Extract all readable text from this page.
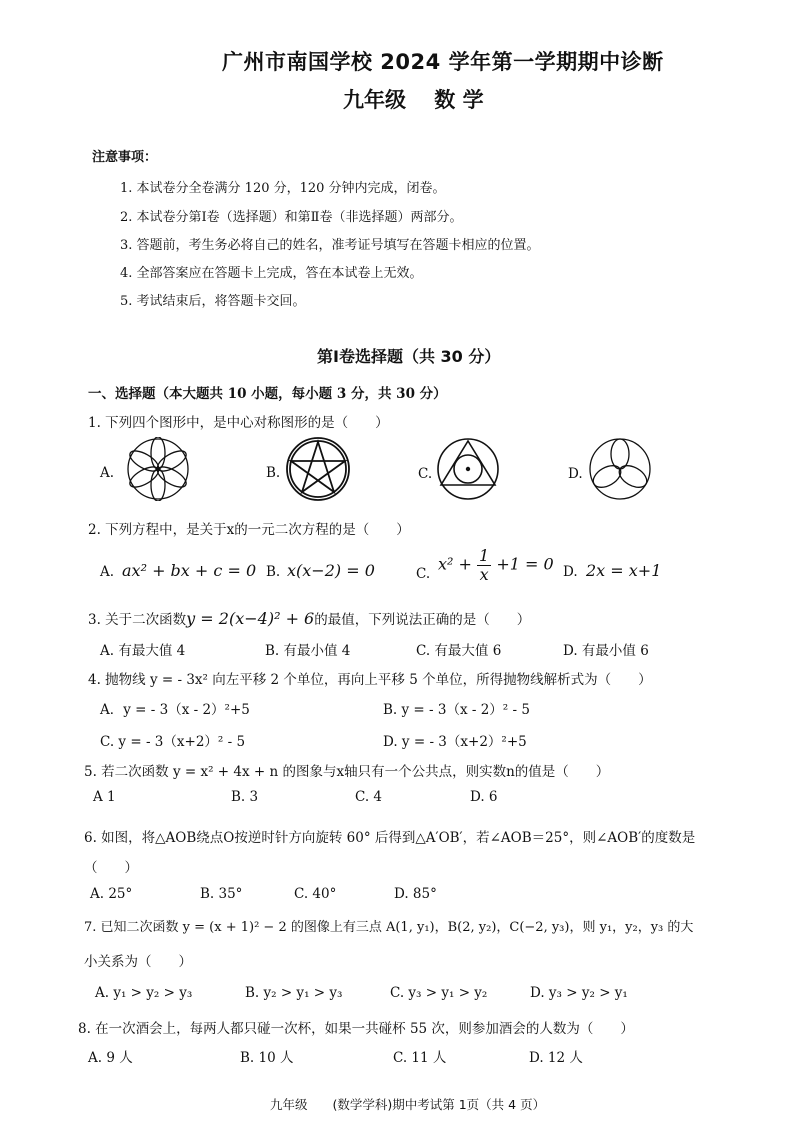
广州市南国学校 2024 学年第一学期期中诊断
九年级　 数 学
注意事项：
1. 本试卷分全卷满分 120 分，120 分钟内完成，闭卷。
2. 本试卷分第Ⅰ卷（选择题）和第Ⅱ卷（非选择题）两部分。
3. 答题前，考生务必将自己的姓名，准考证号填写在答题卡相应的位置。
4. 全部答案应在答题卡上完成，答在本试卷上无效。
5. 考试结束后，将答题卡交回。
第Ⅰ卷选择题（共 30 分）
一、选择题（本大题共 10 小题，每小题 3 分，共 30 分）
1. 下列四个图形中，是中心对称图形的是（　　）
A.	B.	C.	D.
2. 下列方程中，是关于x的一元二次方程的是（　　）
A. ax² + bx + c = 0 B. x(x−2) = 0	C.
$x^2 + \frac{1}{x} +1 = 0$ D. 2x = x+1
3. 关于二次函数y = 2(x−4)² + 6的最值，下列说法正确的是（　　）
A. 有最大值 4	B. 有最小值 4	C. 有最大值 6	D. 有最小值 6
4. 抛物线 y = - 3x² 向左平移 2 个单位，再向上平移 5 个单位，所得抛物线解析式为（　　）
A．y = - 3（x - 2）²+5	B. y = - 3（x - 2）² - 5
C. y = - 3（x+2）² - 5	D. y = - 3（x+2）²+5
5. 若二次函数 y = x² + 4x + n 的图象与x轴只有一个公共点，则实数n的值是（　　）
A 1	B. 3	C. 4	D. 6
6. 如图，将△AOB绕点O按逆时针方向旋转 60° 后得到△A′OB′，若∠AOB＝25°，则∠AOB′的度数是
（　　）
A. 25°	B. 35°	C. 40°	D. 85°
7. 已知二次函数 y = (x + 1)² − 2 的图像上有三点 A(1, y₁)，B(2, y₂)，C(−2, y₃)，则 y₁，y₂，y₃ 的大
小关系为（　　）
A. y₁ > y₂ > y₃	B. y₂ > y₁ > y₃	C. y₃ > y₁ > y₂	D. y₃ > y₂ > y₁
8. 在一次酒会上，每两人都只碰一次杯，如果一共碰杯 55 次，则参加酒会的人数为（　　）
A. 9 人	B. 10 人	C. 11 人	D. 12 人
九年级　　(数学学科)期中考试第 1页（共 4 页）
